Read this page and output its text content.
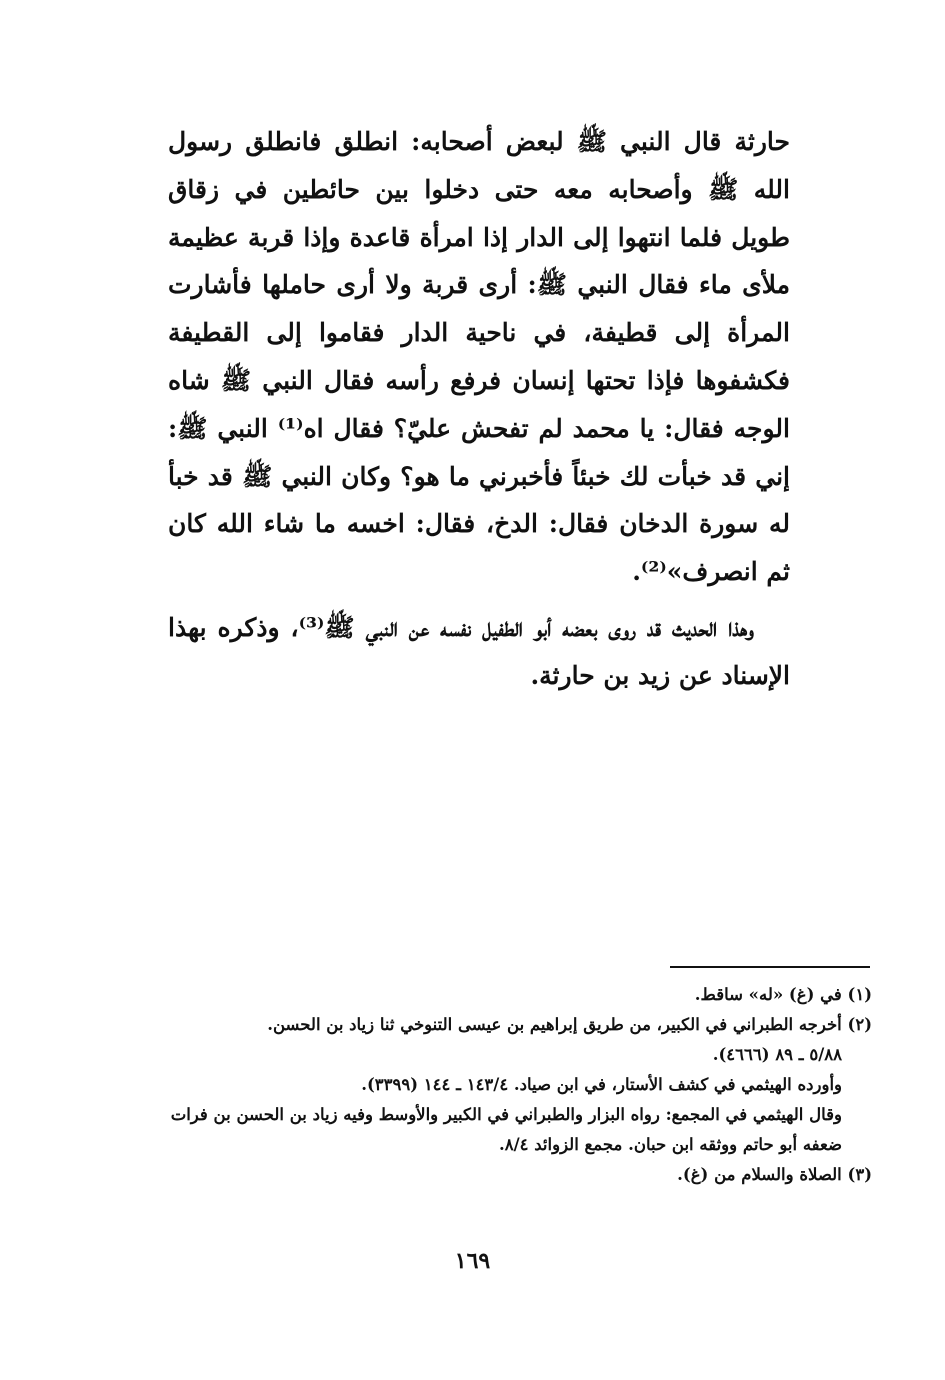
حارثة قال النبي ﷺ لبعض أصحابه: انطلق فانطلق رسول الله ﷺ وأصحابه معه حتى دخلوا بين حائطين في زقاق طويل فلما انتهوا إلى الدار إذا امرأة قاعدة وإذا قربة عظيمة ملأى ماء فقال النبي ﷺ: أرى قربة ولا أرى حاملها فأشارت المرأة إلى قطيفة، في ناحية الدار فقاموا إلى القطيفة فكشفوها فإذا تحتها إنسان فرفع رأسه فقال النبي ﷺ شاه الوجه فقال: يا محمد لم تفحش عليّ؟ فقال اه⁽¹⁾ النبي ﷺ: إني قد خبأت لك خبئاً فأخبرني ما هو؟ وكان النبي ﷺ قد خبأ له سورة الدخان فقال: الدخ، فقال: اخسه ما شاء الله كان ثم انصرف»⁽²⁾.

وهذا الحديث قد روى بعضه أبو الطفيل نفسه عن النبي ﷺ⁽³⁾، وذكره بهذا الإسناد عن زيد بن حارثة.

(١) في (غ) «له» ساقط.

(٢) أخرجه الطبراني في الكبير، من طريق إبراهيم بن عيسى التنوخي ثنا زياد بن الحسن.

٥/٨٨ ـ ٨٩ (٤٦٦٦).

وأورده الهيثمي في كشف الأستار، في ابن صياد. ١٤٣/٤ ـ ١٤٤ (٣٣٩٩).

وقال الهيثمي في المجمع: رواه البزار والطبراني في الكبير والأوسط وفيه زياد بن الحسن بن فرات ضعفه أبو حاتم ووثقه ابن حبان. مجمع الزوائد ٨/٤.

(٣) الصلاة والسلام من (غ).

١٦٩
